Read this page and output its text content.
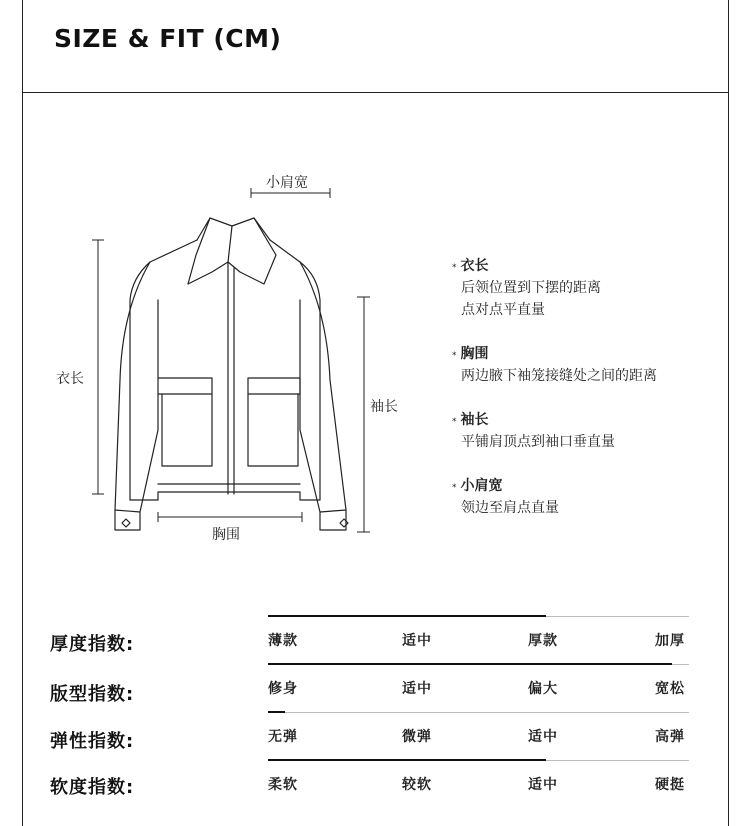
SIZE & FIT (CM)
小肩宽
衣长
袖长
胸围
* 衣长
后领位置到下摆的距离
点对点平直量
* 胸围
两边腋下袖笼接缝处之间的距离
* 袖长
平铺肩顶点到袖口垂直量
* 小肩宽
领边至肩点直量
厚度指数:	薄款	适中	厚款	加厚
版型指数:	修身	适中	偏大	宽松
弹性指数:	无弹	微弹	适中	高弹
软度指数:	柔软	较软	适中	硬挺
